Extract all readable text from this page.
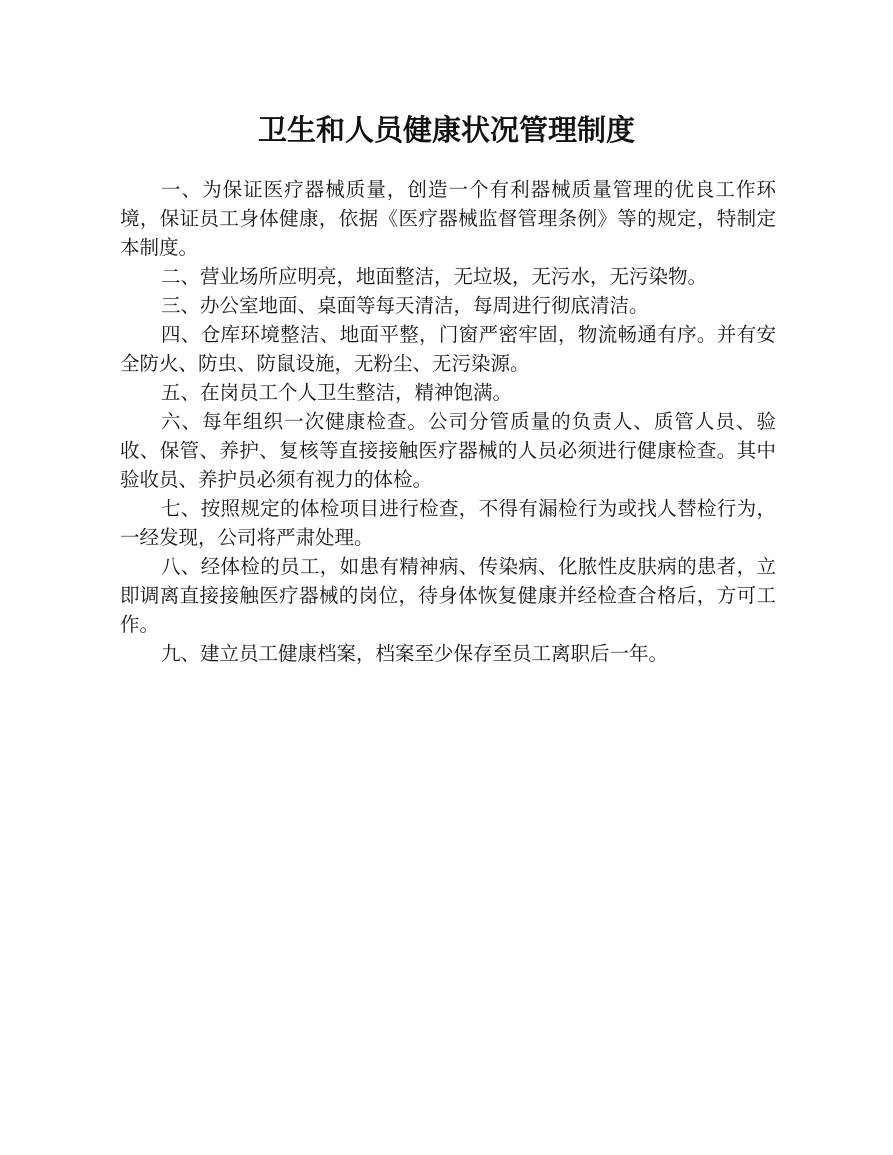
卫生和人员健康状况管理制度

一、为保证医疗器械质量，创造一个有利器械质量管理的优良工作环境，保证员工身体健康，依据《医疗器械监督管理条例》等的规定，特制定本制度。

二、营业场所应明亮，地面整洁，无垃圾，无污水，无污染物。

三、办公室地面、桌面等每天清洁，每周进行彻底清洁。

四、仓库环境整洁、地面平整，门窗严密牢固，物流畅通有序。并有安全防火、防虫、防鼠设施，无粉尘、无污染源。

五、在岗员工个人卫生整洁，精神饱满。

六、每年组织一次健康检查。公司分管质量的负责人、质管人员、验收、保管、养护、复核等直接接触医疗器械的人员必须进行健康检查。其中验收员、养护员必须有视力的体检。

七、按照规定的体检项目进行检查，不得有漏检行为或找人替检行为，一经发现，公司将严肃处理。

八、经体检的员工，如患有精神病、传染病、化脓性皮肤病的患者，立即调离直接接触医疗器械的岗位，待身体恢复健康并经检查合格后，方可工作。

九、建立员工健康档案，档案至少保存至员工离职后一年。
